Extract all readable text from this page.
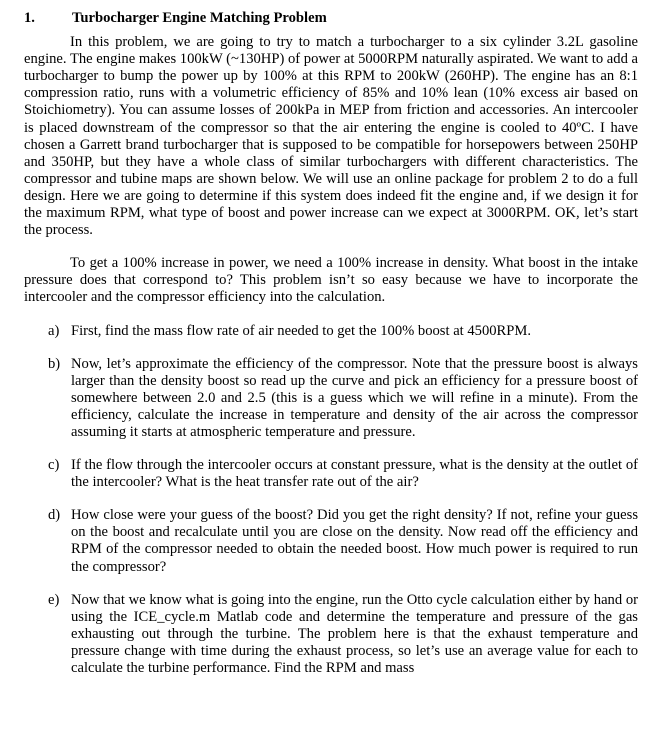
1.	Turbocharger Engine Matching Problem

In this problem, we are going to try to match a turbocharger to a six cylinder 3.2L gasoline engine. The engine makes 100kW (~130HP) of power at 5000RPM naturally aspirated. We want to add a turbocharger to bump the power up by 100% at this RPM to 200kW (260HP). The engine has an 8:1 compression ratio, runs with a volumetric efficiency of 85% and 10% lean (10% excess air based on Stoichiometry). You can assume losses of 200kPa in MEP from friction and accessories. An intercooler is placed downstream of the compressor so that the air entering the engine is cooled to 40ºC. I have chosen a Garrett brand turbocharger that is supposed to be compatible for horsepowers between 250HP and 350HP, but they have a whole class of similar turbochargers with different characteristics. The compressor and tubine maps are shown below. We will use an online package for problem 2 to do a full design. Here we are going to determine if this system does indeed fit the engine and, if we design it for the maximum RPM, what type of boost and power increase can we expect at 3000RPM. OK, let’s start the process.

To get a 100% increase in power, we need a 100% increase in density. What boost in the intake pressure does that correspond to? This problem isn’t so easy because we have to incorporate the intercooler and the compressor efficiency into the calculation.

a) First, find the mass flow rate of air needed to get the 100% boost at 4500RPM.
b) Now, let’s approximate the efficiency of the compressor. Note that the pressure boost is always larger than the density boost so read up the curve and pick an efficiency for a pressure boost of somewhere between 2.0 and 2.5 (this is a guess which we will refine in a minute). From the efficiency, calculate the increase in temperature and density of the air across the compressor assuming it starts at atmospheric temperature and pressure.
c) If the flow through the intercooler occurs at constant pressure, what is the density at the outlet of the intercooler? What is the heat transfer rate out of the air?
d) How close were your guess of the boost? Did you get the right density? If not, refine your guess on the boost and recalculate until you are close on the density. Now read off the efficiency and RPM of the compressor needed to obtain the needed boost. How much power is required to run the compressor?
e) Now that we know what is going into the engine, run the Otto cycle calculation either by hand or using the ICE_cycle.m Matlab code and determine the temperature and pressure of the gas exhausting out through the turbine. The problem here is that the exhaust temperature and pressure change with time during the exhaust process, so let’s use an average value for each to calculate the turbine performance. Find the RPM and mass
